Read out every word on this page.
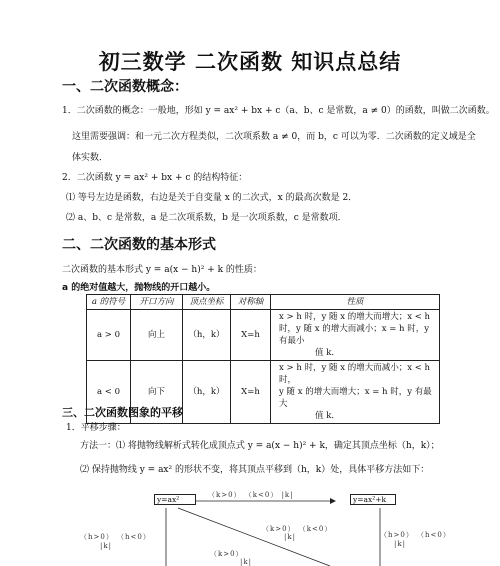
初三数学 二次函数 知识点总结
一、二次函数概念：
1．二次函数的概念：一般地，形如 y = ax² + bx + c（a、b、c 是常数，a ≠ 0）的函数，叫做二次函数。
这里需要强调：和一元二次方程类似，二次项系数 a ≠ 0，而 b，c 可以为零．二次函数的定义域是全
体实数．
2．二次函数 y = ax² + bx + c 的结构特征：
⑴ 等号左边是函数，右边是关于自变量 x 的二次式，x 的最高次数是 2．
⑵ a、b、c 是常数，a 是二次项系数，b 是一次项系数，c 是常数项．
二、二次函数的基本形式
二次函数的基本形式 y = a(x − h)² + k 的性质：
a 的绝对值越大，抛物线的开口越小。
a 的符号	开口方向	顶点坐标	对称轴	性质
a > 0	向上	（h，k）	X=h	x > h 时，y 随 x 的增大而增大；x < h
时，y 随 x 的增大而减小；x = h 时，y 有最小
值 k．

a < 0	向下	（h，k）	X=h	x > h 时，y 随 x 的增大而减小；x < h 时，
y 随 x 的增大而增大；x = h 时，y 有最大
值 k．
三、二次函数图象的平移
1．平移步骤：
方法一：⑴ 将抛物线解析式转化成顶点式 y = a(x − h)² + k，确定其顶点坐标（h，k）；
⑵ 保持抛物线 y = ax² 的形状不变，将其顶点平移到（h，k）处，具体平移方法如下：
y=ax²	y=ax²+k
（k>0） （k<0） |k|
（k>0） （k<0）
|k|
（h>0） （h<0）
|k|
（h>0） （h<0）
|k|
（k>0）
|k|
